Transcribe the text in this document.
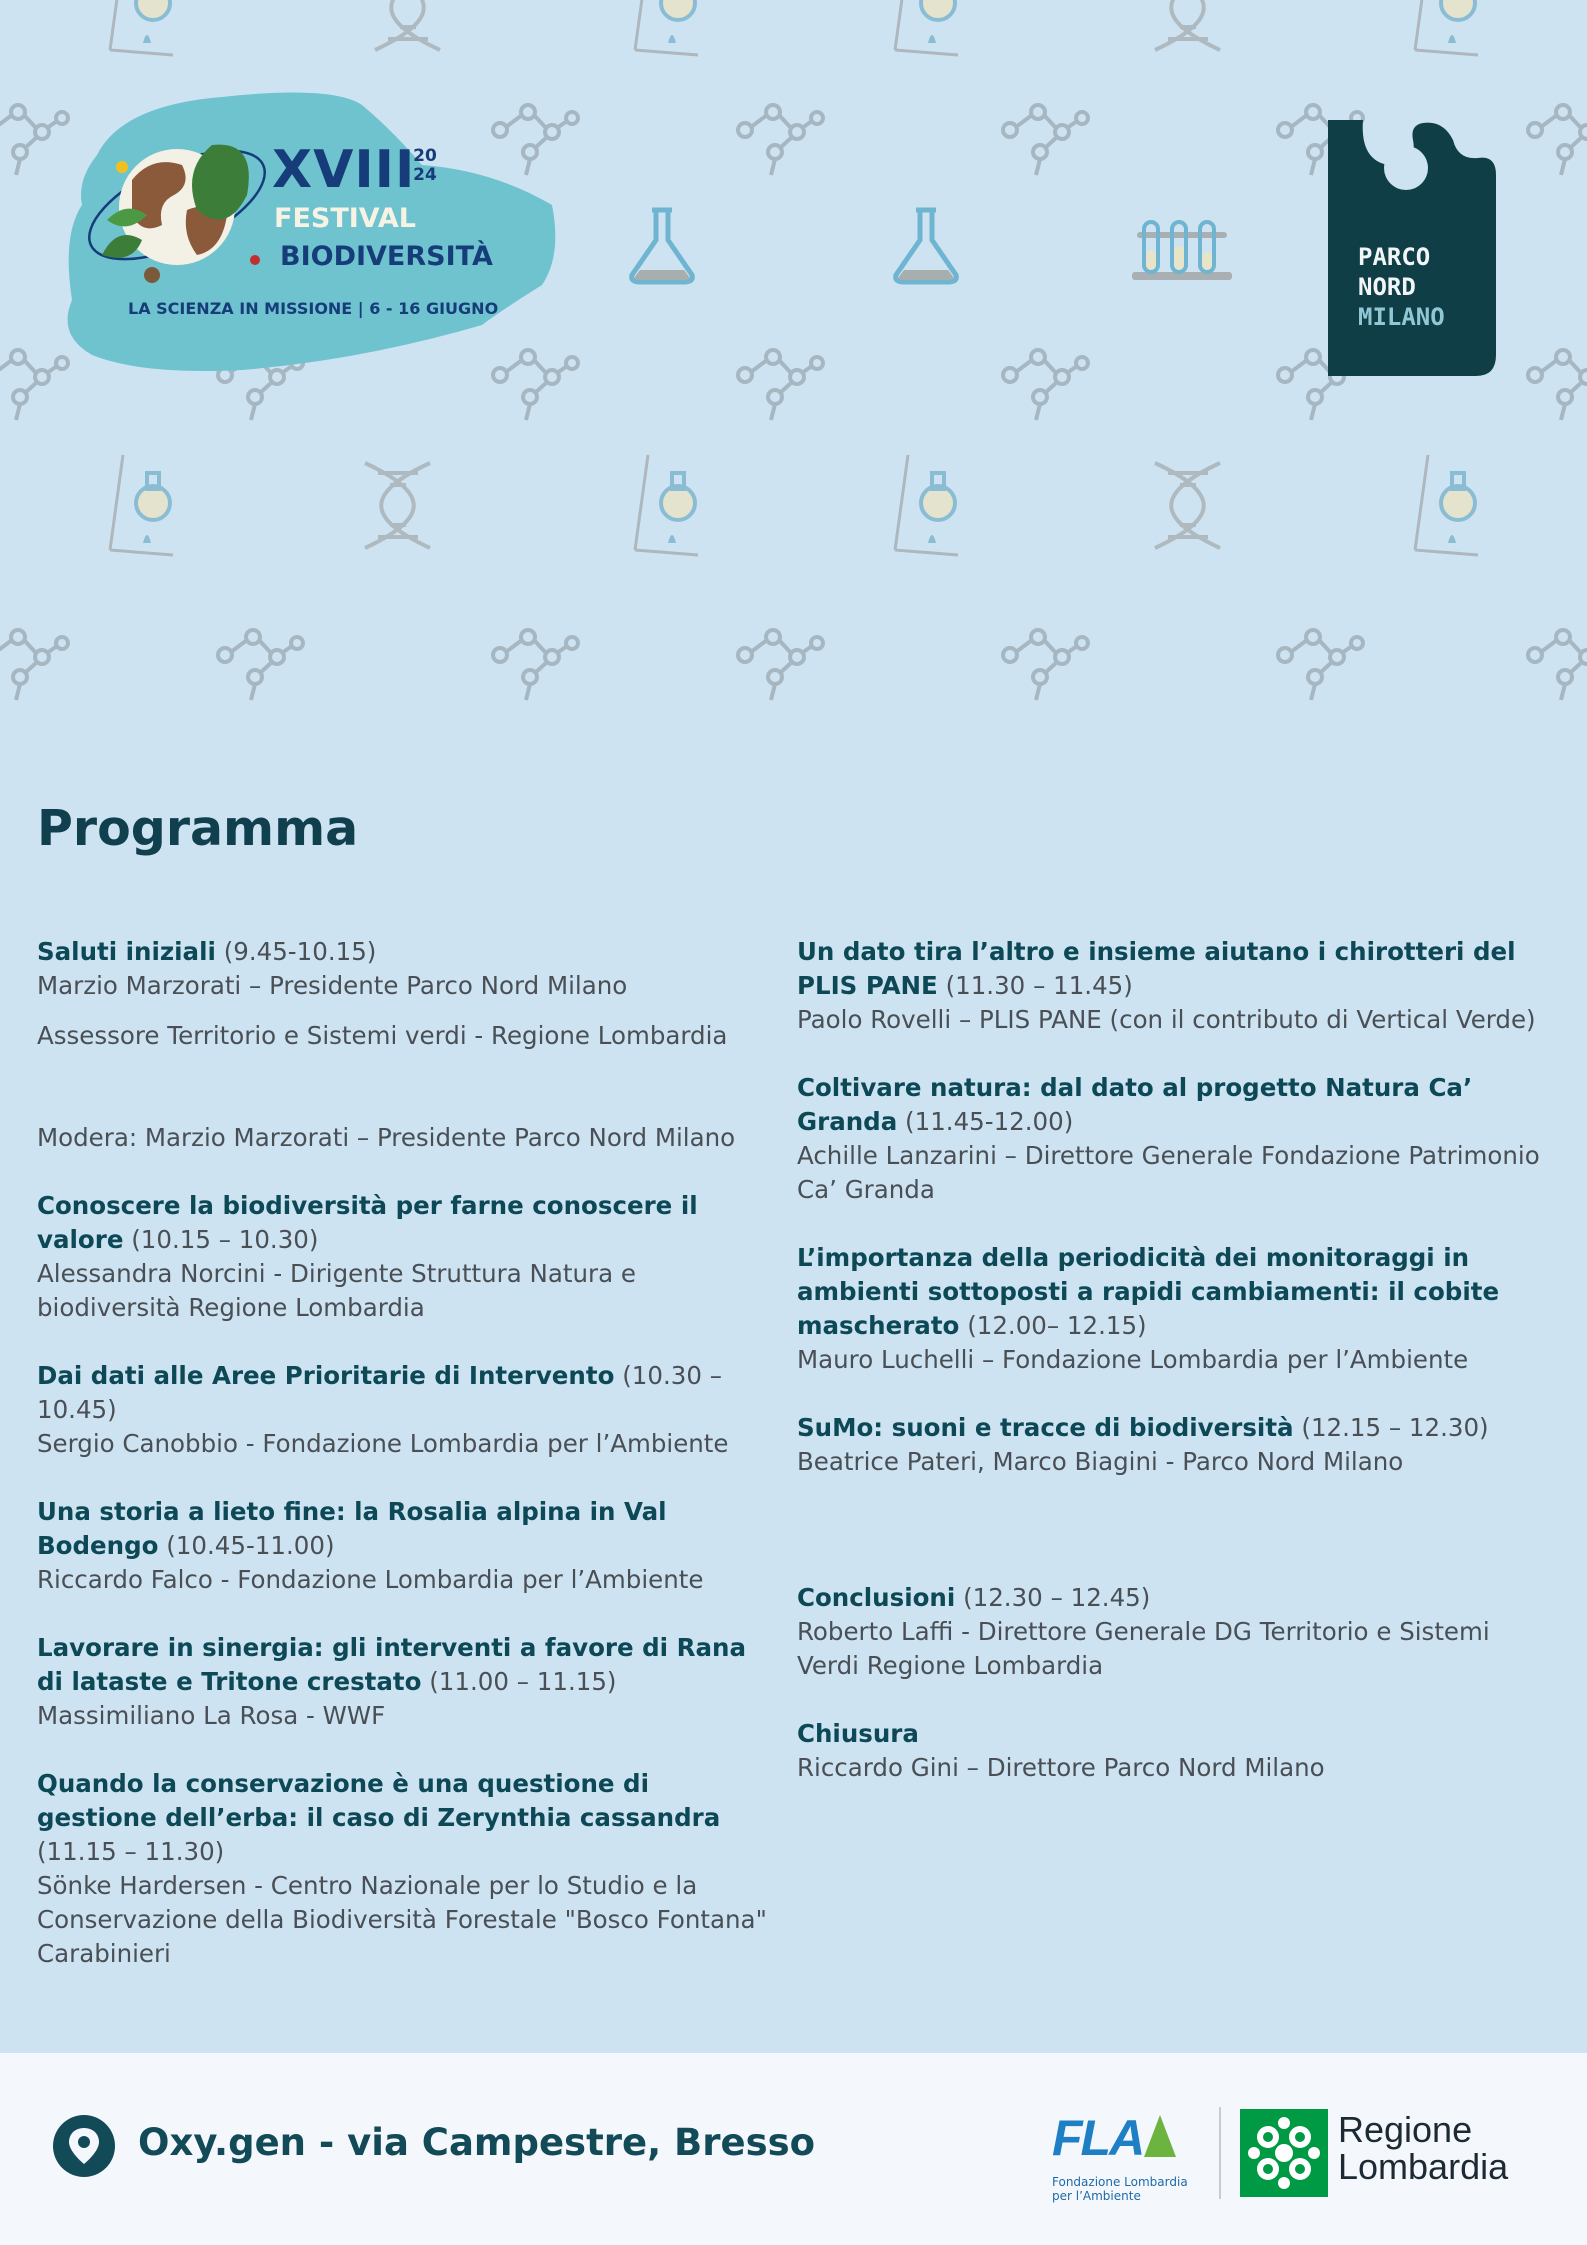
XVIII
20
24
FESTIVAL
BIODIVERSITÀ
LA SCIENZA IN MISSIONE | 6 - 16 GIUGNO
PARCO
NORD
MILANO
Programma

Saluti iniziali (9.45-10.15)
Marzio Marzorati – Presidente Parco Nord Milano

Assessore Territorio e Sistemi verdi - Regione Lombardia

Modera: Marzio Marzorati – Presidente Parco Nord Milano

Conoscere la biodiversità per farne conoscere il valore (10.15 – 10.30)
Alessandra Norcini - Dirigente Struttura Natura e biodiversità Regione Lombardia

Dai dati alle Aree Prioritarie di Intervento (10.30 – 10.45)
Sergio Canobbio - Fondazione Lombardia per l’Ambiente

Una storia a lieto fine: la Rosalia alpina in Val Bodengo (10.45-11.00)
Riccardo Falco - Fondazione Lombardia per l’Ambiente

Lavorare in sinergia: gli interventi a favore di Rana di latastе e Tritone crestato (11.00 – 11.15)
Massimiliano La Rosa - WWF

Quando la conservazione è una questione di gestione dell’erba: il caso di Zerynthia cassandra (11.15 – 11.30)
Sönke Hardersen - Centro Nazionale per lo Studio e la Conservazione della Biodiversità Forestale "Bosco Fontana" Carabinieri

Un dato tira l’altro e insieme aiutano i chirotteri del PLIS PANE (11.30 – 11.45)
Paolo Rovelli – PLIS PANE (con il contributo di Vertical Verde)

Coltivare natura: dal dato al progetto Natura Ca’ Granda (11.45-12.00)
Achille Lanzarini – Direttore Generale Fondazione Patrimonio Ca’ Granda

L’importanza della periodicità dei monitoraggi in ambienti sottoposti a rapidi cambiamenti: il cobite mascherato (12.00– 12.15)
Mauro Luchelli – Fondazione Lombardia per l’Ambiente

SuMo: suoni e tracce di biodiversità (12.15 – 12.30)
Beatrice Pateri, Marco Biagini - Parco Nord Milano

Conclusioni (12.30 – 12.45)
Roberto Laffi - Direttore Generale DG Territorio e Sistemi Verdi Regione Lombardia

Chiusura
Riccardo Gini – Direttore Parco Nord Milano

Oxy.gen - via Campestre, Bresso	FLA
Fondazione Lombardia
per l’Ambiente
Regione
Lombardia
